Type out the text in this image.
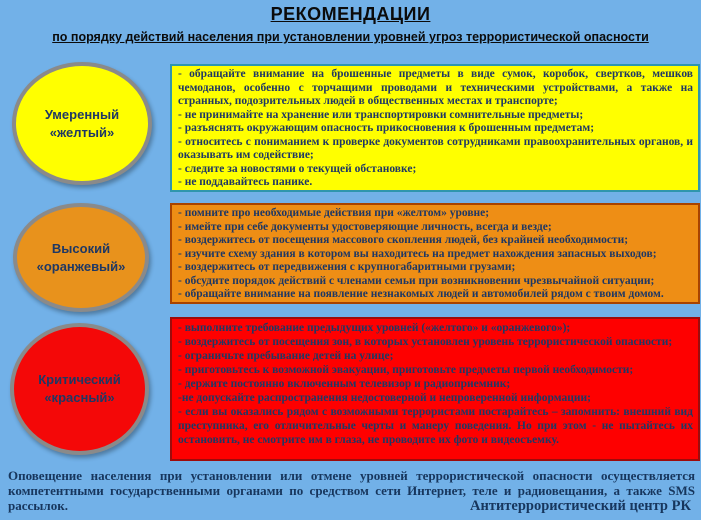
РЕКОМЕНДАЦИИ
по порядку действий населения при установлении уровней угроз террористической опасности
Умеренный
«желтый»
- обращайте внимание на брошенные предметы в виде сумок, коробок, свертков, мешков чемоданов, особенно с торчащими проводами и техническими устройствами, а также на странных, подозрительных людей в общественных местах и транспорте;
- не принимайте на хранение или транспортировки сомнительные предметы;
- разъяснять окружающим опасность прикосновения к брошенным предметам;
- относитесь с пониманием к проверке документов сотрудниками правоохранительных органов, и оказывать им содействие;
- следите за новостями о текущей обстановке;
- не поддавайтесь панике.
Высокий
«оранжевый»
- помните про необходимые действия при «желтом» уровне;
- имейте при себе документы удостоверяющие личность, всегда и везде;
- воздержитесь от посещения массового скопления людей, без крайней необходимости;
- изучите схему здания в котором вы находитесь на предмет нахождения запасных выходов;
- воздержитесь от передвижения с крупногабаритными грузами;
- обсудите порядок действий с членами семьи при возникновении чрезвычайной ситуации;
- обращайте внимание на появление незнакомых людей и автомобилей рядом с твоим домом.
Критический
«красный»
- выполните требование предыдущих уровней («желтого» и «оранжевого»);
- воздержитесь от посещения зон, в которых установлен уровень террористической опасности;
- ограничьте пребывание детей на улице;
- приготовьтесь к возможной эвакуации, приготовьте предметы первой необходимости;
- держите постоянно включенным телевизор и радиоприемник;
-не допускайте распространения недостоверной и непроверенной информации;
- если вы оказались рядом с возможными террористами постарайтесь – запомнить: внешний вид преступника, его отличительные черты и манеру поведения. Но при этом - не пытайтесь их остановить, не смотрите им в глаза, не проводите их фото и видеосъемку.
Оповещение населения при установлении или отмене уровней террористической опасности осуществляется компетентными государственными органами по средством сети Интернет, теле и радиовещания, а также SMS рассылок.	Антитеррористический центр РК
